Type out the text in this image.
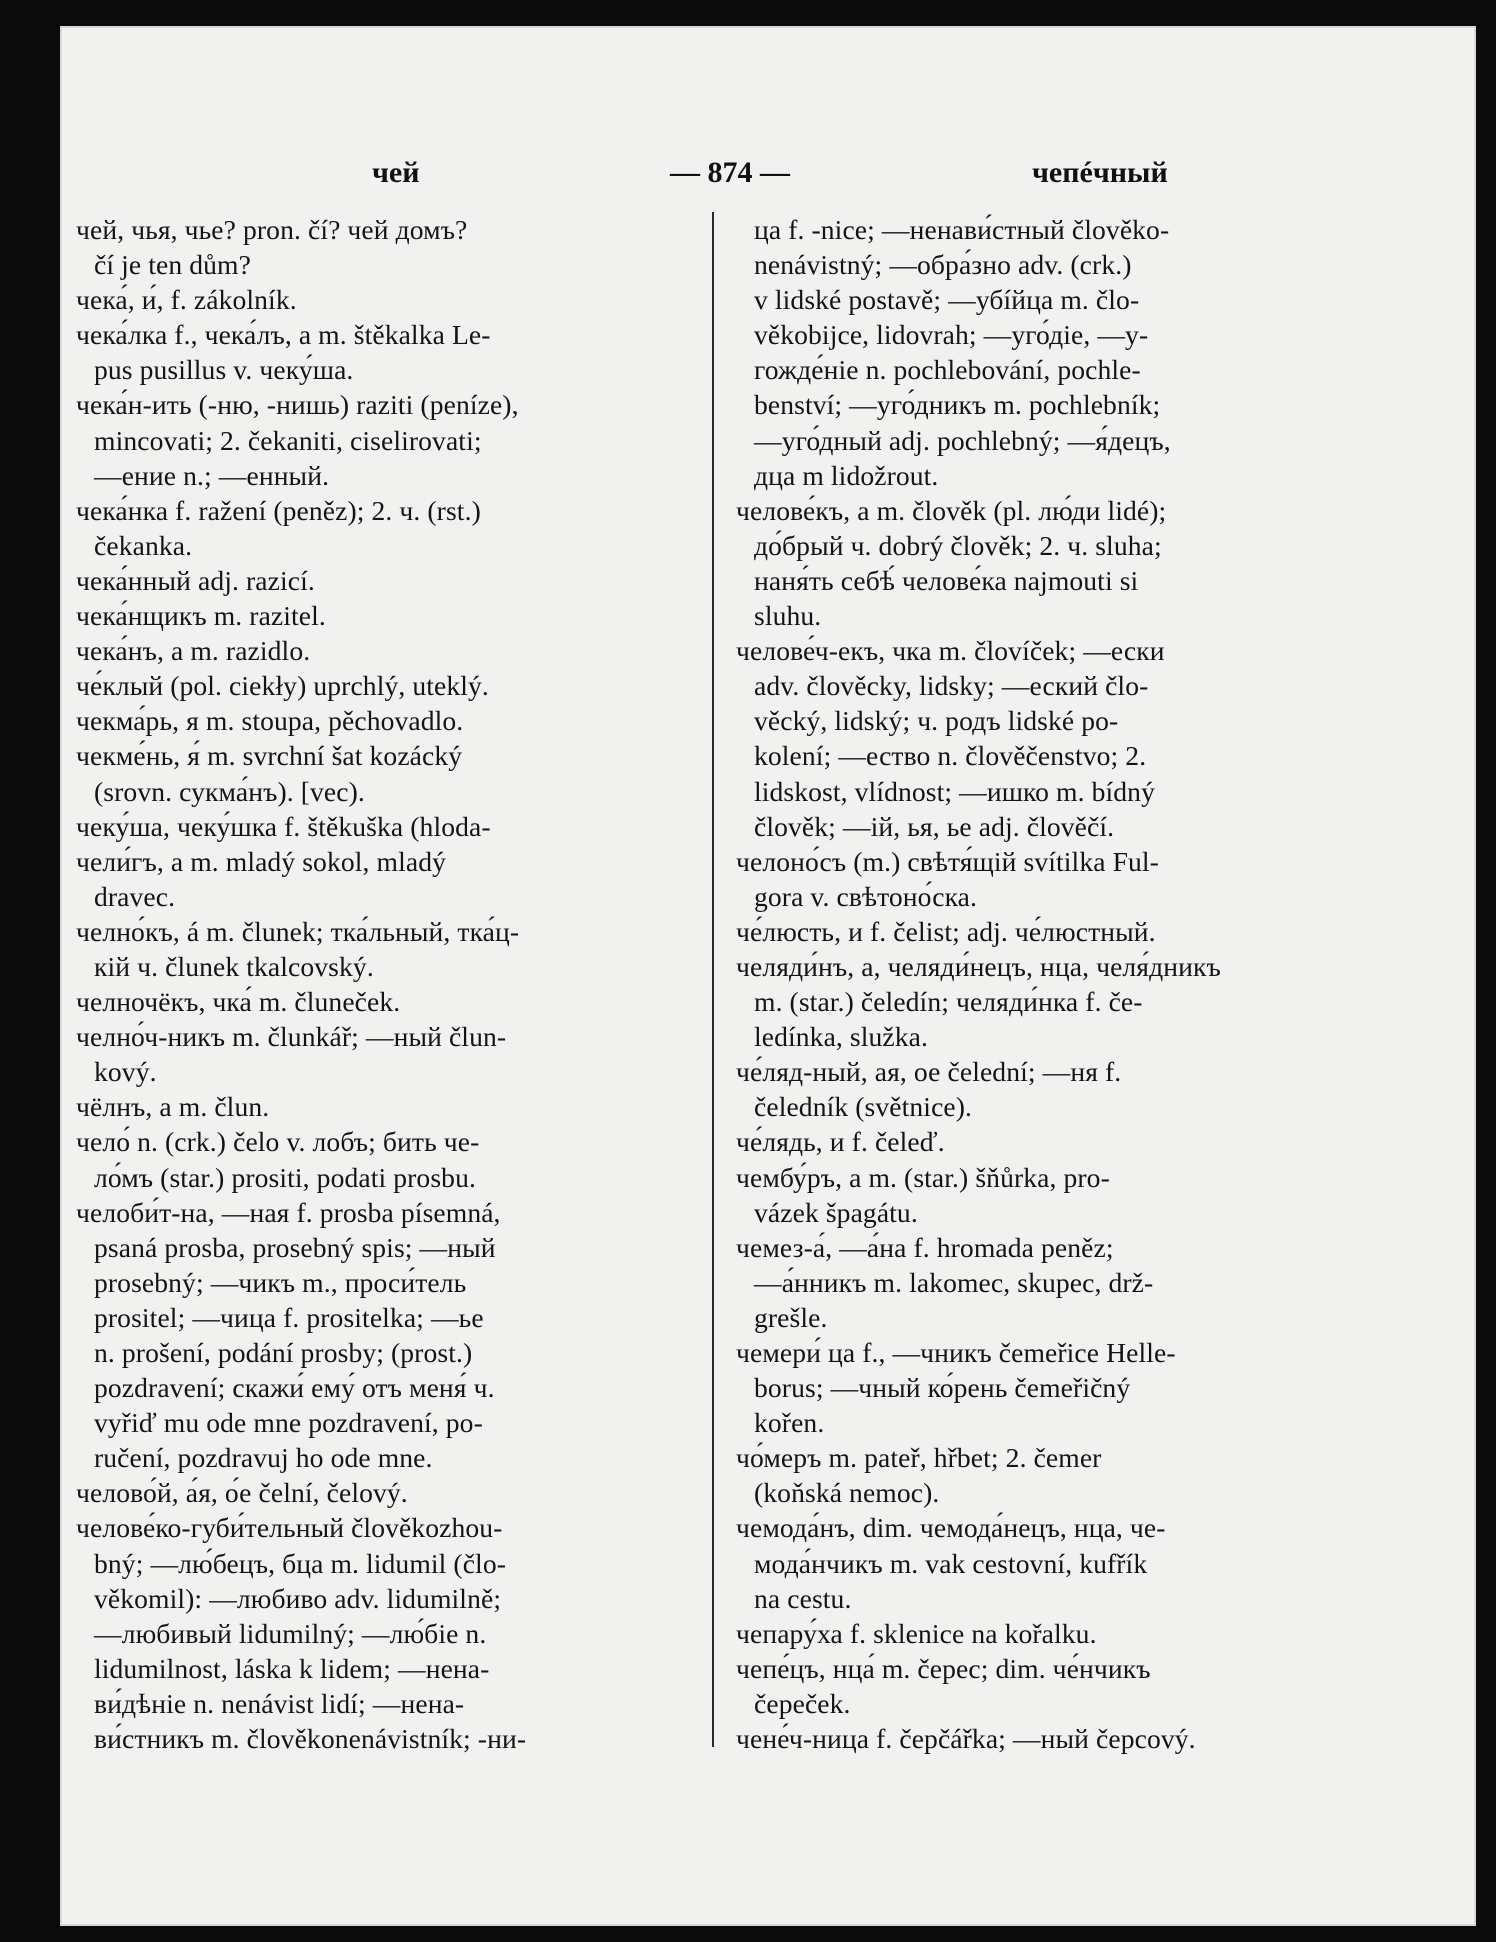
чей	— 874 —	чепéчный
чей, чья, чье? pron. čí? чей домъ?
čí je ten dům?
чека́, и́, f. zákolník.
чека́лка f., чека́лъ, a m. štěkalka Le-
pus pusillus v. чеку́ша.
чека́н-ить (-ню, -нишь) raziti (peníze),
mincovati; 2. čekaniti, ciselirovati;
—ение n.; —енный.
чека́нка f. ražení (peněz); 2. ч. (rst.)
čekanka.
чека́нный adj. razicí.
чека́нщикъ m. razitel.
чека́нъ, a m. razidlo.
че́клый (pol. ciekły) uprchlý, uteklý.
чекма́рь, я m. stoupa, pěchovadlo.
чекме́нь, я́ m. svrchní šat kozácký
(srovn. сукма́нъ). [vec).
чеку́ша, чеку́шка f. štěkuška (hloda-
чели́гъ, a m. mladý sokol, mladý
dravec.
челно́къ, á m. člunek; тка́льный, тка́ц-
кій ч. člunek tkalcovský.
челночёкъ, чка́ m. čluneček.
челно́ч-никъ m. člunkář; —ный člun-
kový.
чёлнъ, a m. člun.
чело́ n. (crk.) čelo v. лобъ; бить че-
ло́мъ (star.) prositi, podati prosbu.
челоби́т-на, —ная f. prosba písemná,
psaná prosba, prosebný spis; —ный
prosebný; —чикъ m., проси́тель
prositel; —чица f. prositelka; —ье
n. prošení, podání prosby; (prost.)
pozdravení; скажи́ ему́ отъ меня́ ч.
vyřiď mu ode mne pozdravení, po-
ručení, pozdravuj ho ode mne.
челово́й, а́я, о́е čelní, čelový.
челове́ко-губи́тельный člověkozhou-
bný; —лю́бецъ, бца m. lidumil (člo-
věkomil): —любиво adv. lidumilně;
—любивый lidumilný; —лю́біе n.
lidumilnost, láska k lidem; —нена-
ви́дѣніе n. nenávist lidí; —нена-
ви́стникъ m. člověkonenávistník; -ни-
ца f. -nice; —ненави́стный člověko-
nenávistný; —обра́зно adv. (crk.)
v lidské postavě; —убíйца m. člo-
věkobijce, lidovrah; —уго́діе, —у-
гожде́ніе n. pochlebování, pochle-
benství; —уго́дникъ m. pochlebník;
—уго́дный adj. pochlebný; —я́децъ,
дца m lidožrout.
челове́къ, a m. člověk (pl. лю́ди lidé);
до́брый ч. dobrý člověk; 2. ч. sluha;
наня́ть себѣ́ челове́ка najmouti si
sluhu.
челове́ч-екъ, чка m. človíček; —ески
adv. člověcky, lidsky; —еский člo-
věcký, lidský; ч. родъ lidské po-
kolení; —ество n. člověčenstvo; 2.
lidskost, vlídnost; —ишко m. bídný
člověk; —ій, ья, ье adj. člověčí.
челоно́съ (m.) свѣтя́щій svítilka Ful-
gora v. свѣтоно́ска.
че́люсть, и f. čelist; adj. че́люстный.
челяди́нъ, a, челяди́нецъ, нца, челя́дникъ
m. (star.) čeledín; челяди́нка f. če-
ledínka, služka.
че́ляд-ный, ая, ое čelední; —ня f.
čeledník (světnice).
че́лядь, и f. čeleď.
чембу́ръ, a m. (star.) šňůrka, pro-
vázek špagátu.
чемез-а́, —а́на f. hromada peněz;
—а́нникъ m. lakomec, skupec, drž-
grešle.
чемери́ ца f., —чникъ čemeřice Helle-
borus; —чный ко́рень čemeřičný
kořen.
чо́меръ m. pateř, hřbet; 2. čemer
(koňská nemoc).
чемода́нъ, dim. чемода́нецъ, нца, че-
мода́нчикъ m. vak cestovní, kufřík
na cestu.
чепару́ха f. sklenice na kořalku.
чепе́цъ, нца́ m. čepec; dim. че́нчикъ
čepeček.
чене́ч-ница f. čepčářka; —ный čepcový.
